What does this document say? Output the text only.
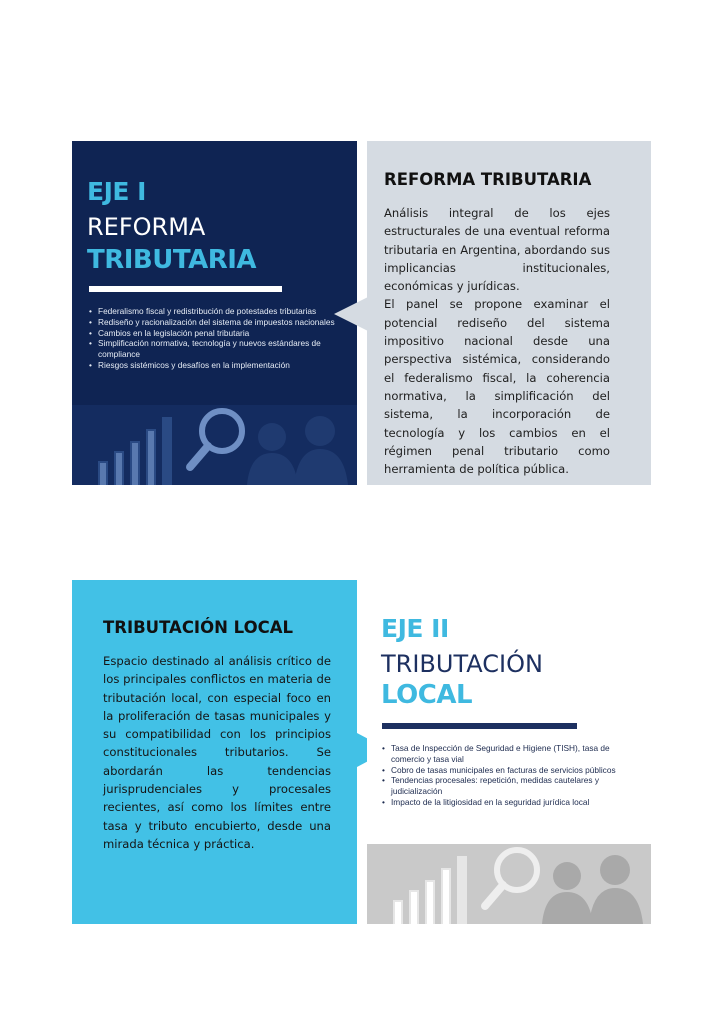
EJE I
REFORMA
TRIBUTARIA
• Federalismo fiscal y redistribución de potestades tributarias
• Rediseño y racionalización del sistema de impuestos nacionales
• Cambios en la legislación penal tributaria
• Simplificación normativa, tecnología y nuevos estándares de compliance
• Riesgos sistémicos y desafíos en la implementación
REFORMA TRIBUTARIA
Análisis integral de los ejes estructurales de una eventual reforma tributaria en Argentina, abordando sus implicancias institucionales, económicas y jurídicas.
El panel se propone examinar el potencial rediseño del sistema impositivo nacional desde una perspectiva sistémica, considerando el federalismo fiscal, la coherencia normativa, la simplificación del sistema, la incorporación de tecnología y los cambios en el régimen penal tributario como herramienta de política pública.
TRIBUTACIÓN LOCAL
Espacio destinado al análisis crítico de los principales conflictos en materia de tributación local, con especial foco en la proliferación de tasas municipales y su compatibilidad con los principios constitucionales tributarios. Se abordarán las tendencias jurisprudenciales y procesales recientes, así como los límites entre tasa y tributo encubierto, desde una mirada técnica y práctica.
EJE II
TRIBUTACIÓN
LOCAL
• Tasa de Inspección de Seguridad e Higiene (TISH), tasa de comercio y tasa vial
• Cobro de tasas municipales en facturas de servicios públicos
• Tendencias procesales: repetición, medidas cautelares y judicialización
• Impacto de la litigiosidad en la seguridad jurídica local
